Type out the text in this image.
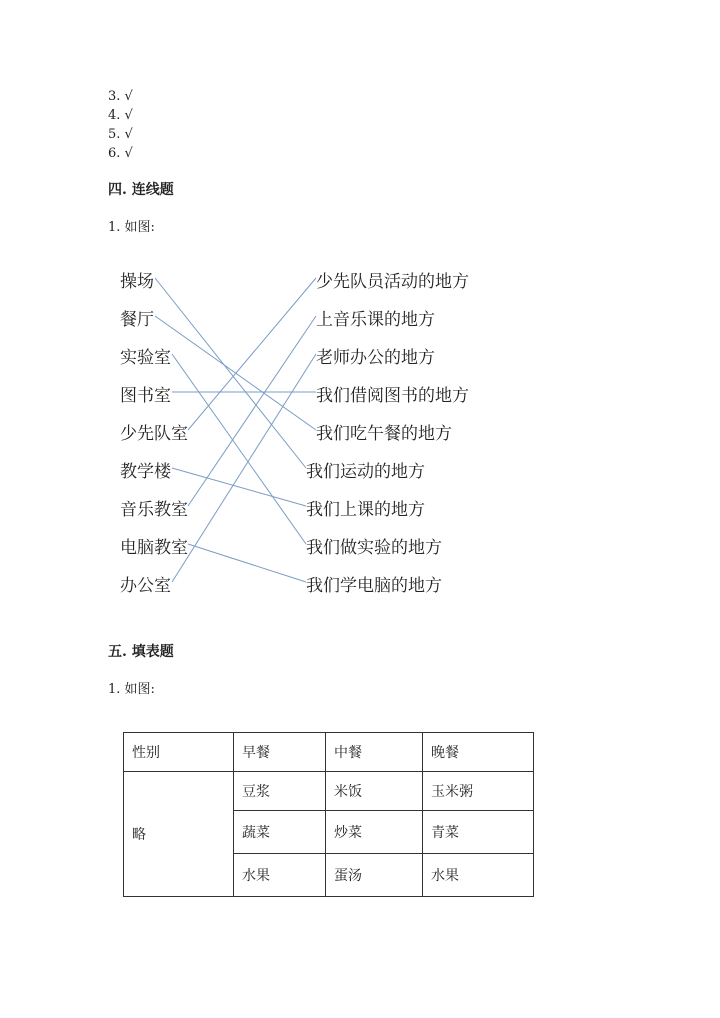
3. √
4. √
5. √
6. √
四. 连线题
1. 如图:
操场
餐厅
实验室
图书室
少先队室
教学楼
音乐教室
电脑教室
办公室
少先队员活动的地方
上音乐课的地方
老师办公的地方
我们借阅图书的地方
我们吃午餐的地方
我们运动的地方
我们上课的地方
我们做实验的地方
我们学电脑的地方
五. 填表题
1. 如图:
性别	早餐	中餐	晚餐
略	豆浆	米饭	玉米粥
	蔬菜	炒菜	青菜
	水果	蛋汤	水果
